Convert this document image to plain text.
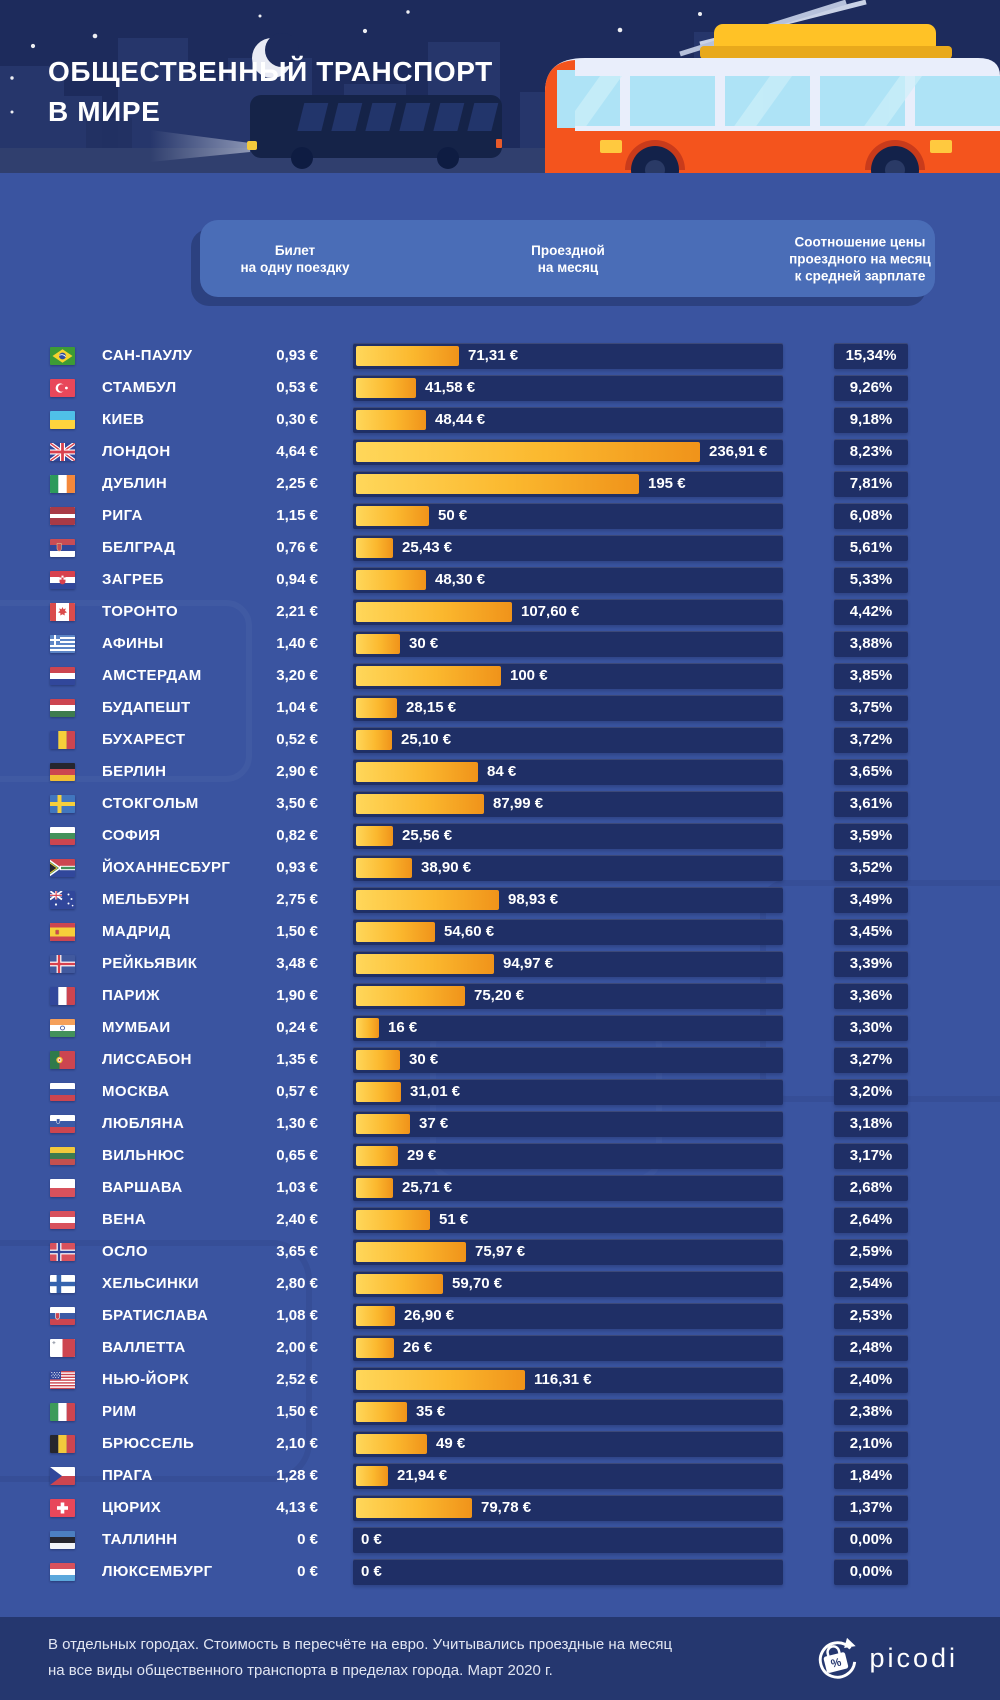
ОБЩЕСТВЕННЫЙ ТРАНСПОРТ
В МИРЕ
Билет
на одну поездку
Проездной
на месяц
Соотношение цены
проездного на месяц
к средней зарплате
САН-ПАУЛУ	0,93 €	71,31 €	15,34%
СТАМБУЛ	0,53 €	41,58 €	9,26%
КИЕВ	0,30 €	48,44 €	9,18%
ЛОНДОН	4,64 €	236,91 €	8,23%
ДУБЛИН	2,25 €	195 €	7,81%
РИГА	1,15 €	50 €	6,08%
БЕЛГРАД	0,76 €	25,43 €	5,61%
ЗАГРЕБ	0,94 €	48,30 €	5,33%
ТОРОНТО	2,21 €	107,60 €	4,42%
АФИНЫ	1,40 €	30 €	3,88%
АМСТЕРДАМ	3,20 €	100 €	3,85%
БУДАПЕШТ	1,04 €	28,15 €	3,75%
БУХАРЕСТ	0,52 €	25,10 €	3,72%
БЕРЛИН	2,90 €	84 €	3,65%
СТОКГОЛЬМ	3,50 €	87,99 €	3,61%
СОФИЯ	0,82 €	25,56 €	3,59%
ЙОХАННЕСБУРГ	0,93 €	38,90 €	3,52%
МЕЛЬБУРН	2,75 €	98,93 €	3,49%
МАДРИД	1,50 €	54,60 €	3,45%
РЕЙКЬЯВИК	3,48 €	94,97 €	3,39%
ПАРИЖ	1,90 €	75,20 €	3,36%
МУМБАИ	0,24 €	16 €	3,30%
ЛИССАБОН	1,35 €	30 €	3,27%
МОСКВА	0,57 €	31,01 €	3,20%
ЛЮБЛЯНА	1,30 €	37 €	3,18%
ВИЛЬНЮС	0,65 €	29 €	3,17%
ВАРШАВА	1,03 €	25,71 €	2,68%
ВЕНА	2,40 €	51 €	2,64%
ОСЛО	3,65 €	75,97 €	2,59%
ХЕЛЬСИНКИ	2,80 €	59,70 €	2,54%
БРАТИСЛАВА	1,08 €	26,90 €	2,53%
ВАЛЛЕТТА	2,00 €	26 €	2,48%
НЬЮ-ЙОРК	2,52 €	116,31 €	2,40%
РИМ	1,50 €	35 €	2,38%
БРЮССЕЛЬ	2,10 €	49 €	2,10%
ПРАГА	1,28 €	21,94 €	1,84%
ЦЮРИХ	4,13 €	79,78 €	1,37%
ТАЛЛИНН	0 €	0 €	0,00%
ЛЮКСЕМБУРГ	0 €	0 €	0,00%
В отдельных городах. Стоимость в пересчёте на евро. Учитывались проездные на месяц
на все виды общественного транспорта в пределах города. Март 2020 г.	% picodi
